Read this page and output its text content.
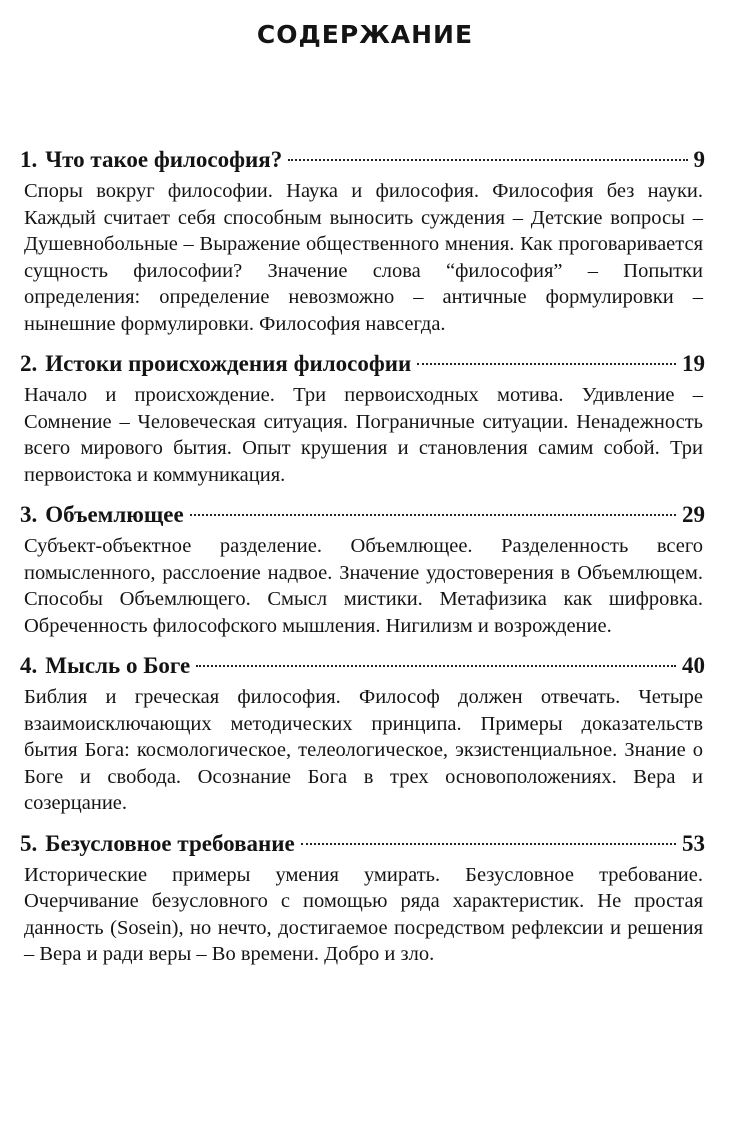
СОДЕРЖАНИЕ
1. Что такое философия?	9
Споры вокруг философии. Наука и философия. Философия без науки. Каждый считает себя способным выносить суждения – Детские вопросы – Душевнобольные – Выражение общественного мнения. Как проговаривается сущность философии? Значение слова “философия” – Попытки определения: определение невозможно – античные формулировки – нынешние формулировки. Философия навсегда.
2. Истоки происхождения философии	19
Начало и происхождение. Три первоисходных мотива. Удивление – Сомнение – Человеческая ситуация. Пограничные ситуации. Ненадежность всего мирового бытия. Опыт крушения и становления самим собой. Три первоистока и коммуникация.
3. Объемлющее	29
Субъект-объектное разделение. Объемлющее. Разделенность всего помысленного, расслоение надвое. Значение удостоверения в Объемлющем. Способы Объемлющего. Смысл мистики. Метафизика как шифровка. Обреченность философского мышления. Нигилизм и возрождение.
4. Мысль о Боге	40
Библия и греческая философия. Философ должен отвечать. Четыре взаимоисключающих методических принципа. Примеры доказательств бытия Бога: космологическое, телеологическое, экзистенциальное. Знание о Боге и свобода. Осознание Бога в трех основоположениях. Вера и созерцание.
5. Безусловное требование	53
Исторические примеры умения умирать. Безусловное требование. Очерчивание безусловного с помощью ряда характеристик. Не простая данность (Sosein), но нечто, достигаемое посредством рефлексии и решения – Вера и ради веры – Во времени. Добро и зло.
